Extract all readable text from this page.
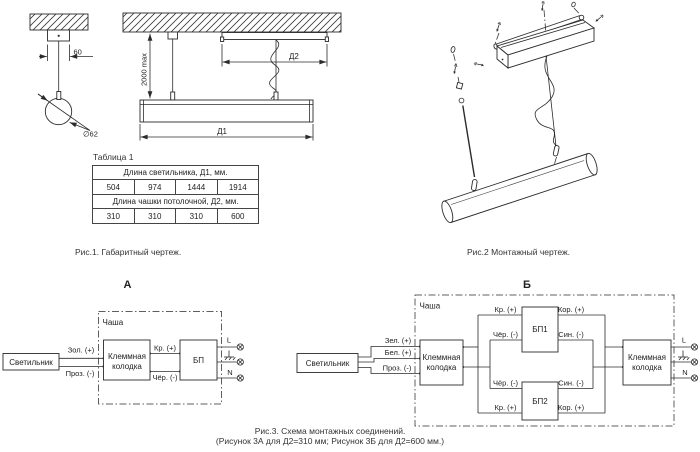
60
∅62
2000 max	Д2
Д1
Таблица 1
Длина светильника, Д1, мм.			
504	974	1444	1914
Длина чашки потолочной, Д2, мм.			
310	310	310	600
Рис.1. Габаритный чертеж.	Рис.2 Монтажный чертеж.
А
Чаша
Светильник
Зол. (+)
Проз. (-)
Кр. (+)
Чёр. (-)
Клеммная
колодка
БП
L
N
Б
Чаша
Светильник
Зел. (+)
Бел. (+)
Проз. (-)
Кр. (+)
Чёр. (-)
Кор. (+)
Син. (-)
Чёр. (-)
Кр. (+)
Син. (-)
Кор. (+)
Клеммная
колодка
БП1
БП2
Клеммная
колодка
L
N
Рис.3. Схема монтажных соединений.
(Рисунок 3А для Д2=310 мм; Рисунок 3Б для Д2=600 мм.)
